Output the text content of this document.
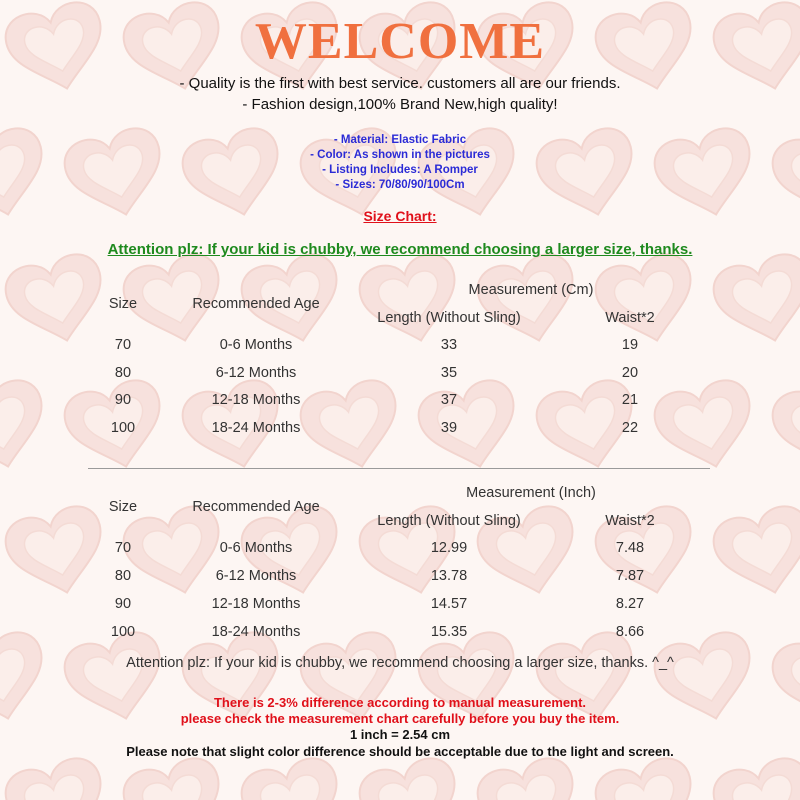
WELCOME
- Quality is the first with best service. customers all are our friends.
- Fashion design,100% Brand New,high quality!
- Material: Elastic Fabric
- Color: As shown in the pictures
- Listing Includes: A Romper
- Sizes: 70/80/90/100Cm
Size Chart:
Attention plz: If your kid is chubby, we recommend choosing a larger size, thanks.
Size	Recommended Age
Measurement (Cm)
Length (Without Sling)	Waist*2
70	0-6 Months	33	19
80	6-12 Months	35	20
90	12-18 Months	37	21
100	18-24 Months	39	22
Size	Recommended Age
Measurement (Inch)
Length (Without Sling)	Waist*2
70	0-6 Months	12.99	7.48
80	6-12 Months	13.78	7.87
90	12-18 Months	14.57	8.27
100	18-24 Months	15.35	8.66
Attention plz: If your kid is chubby, we recommend choosing a larger size, thanks. ^_^
There is 2-3% difference according to manual measurement.
please check the measurement chart carefully before you buy the item.
1 inch = 2.54 cm
Please note that slight color difference should be acceptable due to the light and screen.
